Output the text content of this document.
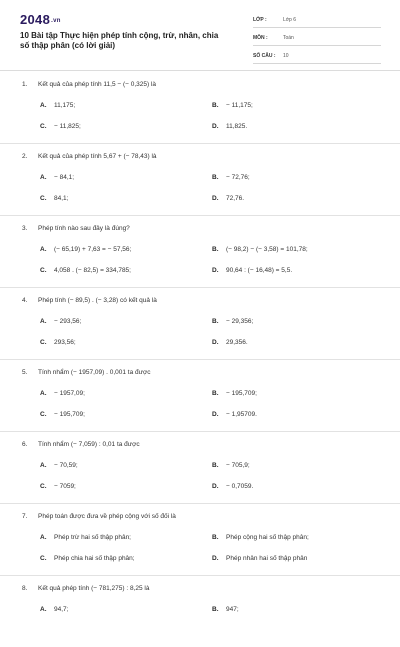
2048.vn
10 Bài tập Thực hiện phép tính cộng, trừ, nhân, chia số thập phân (có lời giải)
LỚP :	Lớp 6
MÔN :	Toán
SỐ CÂU : 10
1. Kết quả của phép tính 11,5 − (− 0,325) là
A. 11,175;	B. − 11,175;
C. − 11,825;	D. 11,825.
2. Kết quả của phép tính 5,67 + (− 78,43) là
A. − 84,1;	B. − 72,76;
C. 84,1;	D. 72,76.
3. Phép tính nào sau đây là đúng?
A. (− 65,19) + 7,63 = − 57,56;	B. (− 98,2) − (− 3,58) = 101,78;
C. 4,058 . (− 82,5) = 334,785;	D. 90,64 : (− 16,48) = 5,5.
4. Phép tính (− 89,5) . (− 3,28) có kết quả là
A. − 293,56;	B. − 29,356;
C. 293,56;	D. 29,356.
5. Tính nhẩm (− 1957,09) . 0,001 ta được
A. − 1957,09;	B. − 195,709;
C. − 195,709;	D. − 1,95709.
6. Tính nhẩm (− 7,059) : 0,01 ta được
A. − 70,59;	B. − 705,9;
C. − 7059;	D. − 0,7059.
7. Phép toán được đưa về phép cộng với số đối là
A. Phép trừ hai số thập phân;	B. Phép cộng hai số thập phân;
C. Phép chia hai số thập phân;	D. Phép nhân hai số thập phân
8. Kết quả phép tính (− 781,275) : 8,25 là
A. 94,7;	B. 947;
